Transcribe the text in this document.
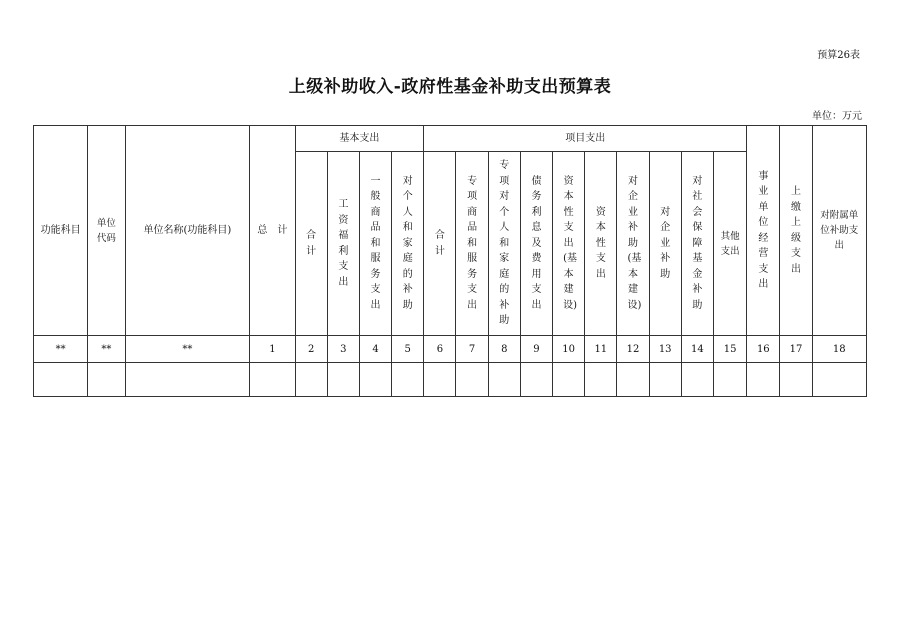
预算26表
上级补助收入-政府性基金补助支出预算表
单位：万元
功能科目	单位代码	单位名称(功能科目)	总　计	基本支出				项目支出										事业单位经营支出	上缴上级支出	对附属单位补助支出

				合计	工资福利支出	一般商品和服务支出	对个人和家庭的补助	合计	专项商品和服务支出	专项对个人和家庭的补助	债务利息及费用支出	资本性支出(基本建设)	资本性支出	对企业补助(基本建设)	对企业补助	对社会保障基金补助	其他支出			
**	**	**	1	2	3	4	5	6	7	8	9	10	11	12	13	14	15	16	17	18
